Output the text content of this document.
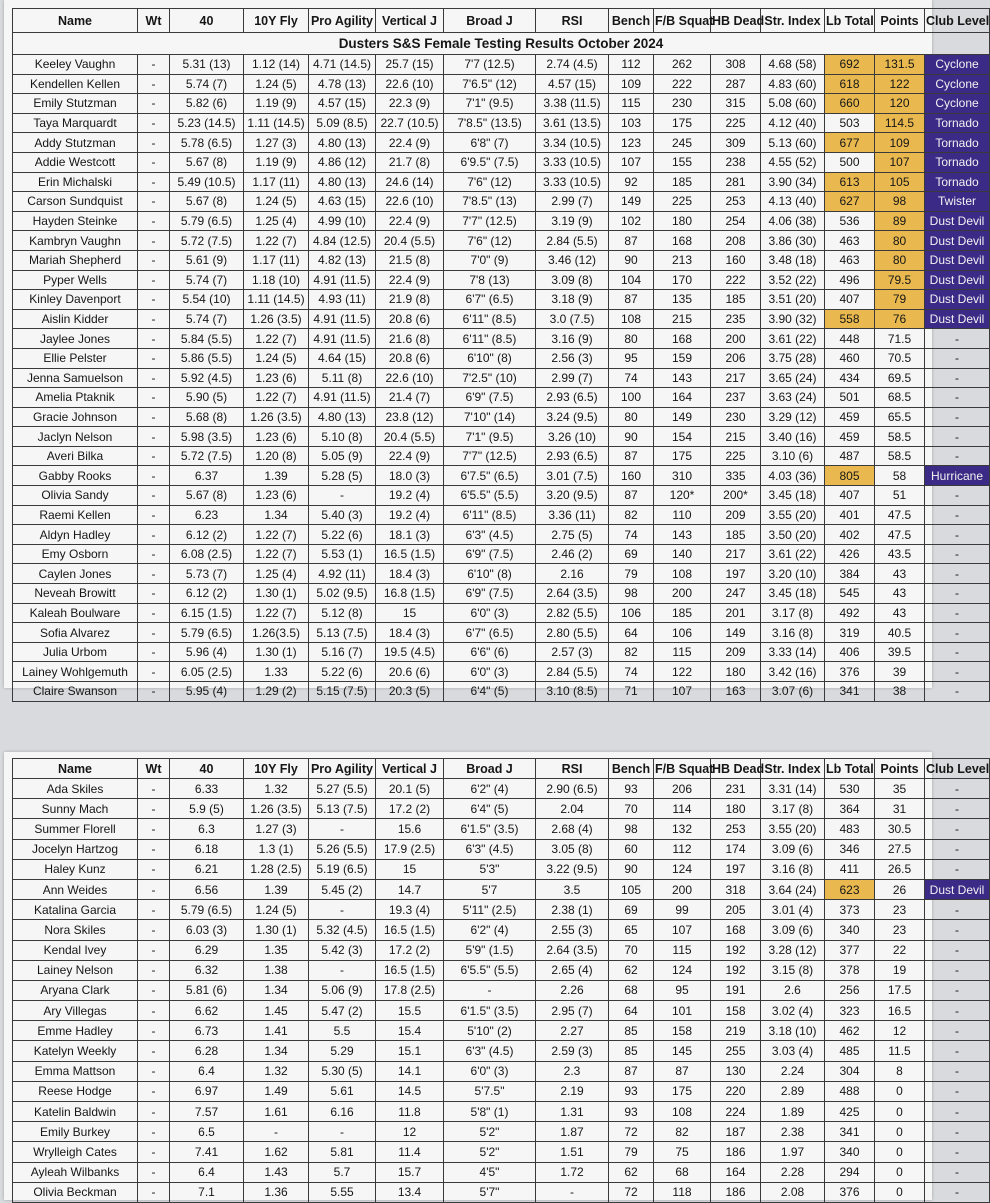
Name	Wt	40	10Y Fly	Pro Agility	Vertical J	Broad J	RSI	Bench	F/B Squat	HB Dead	Str. Index	Lb Total	Points	Club Level
Dusters S&S Female Testing Results October 2024														
Keeley Vaughn	-	5.31 (13)	1.12 (14)	4.71 (14.5)	25.7 (15)	7'7 (12.5)	2.74 (4.5)	112	262	308	4.68 (58)	692	131.5	Cyclone
Kendellen Kellen	-	5.74 (7)	1.24 (5)	4.78 (13)	22.6 (10)	7'6.5" (12)	4.57 (15)	109	222	287	4.83 (60)	618	122	Cyclone
Emily Stutzman	-	5.82 (6)	1.19 (9)	4.57 (15)	22.3 (9)	7'1" (9.5)	3.38 (11.5)	115	230	315	5.08 (60)	660	120	Cyclone
Taya Marquardt	-	5.23 (14.5)	1.11 (14.5)	5.09 (8.5)	22.7 (10.5)	7'8.5" (13.5)	3.61 (13.5)	103	175	225	4.12 (40)	503	114.5	Tornado
Addy Stutzman	-	5.78 (6.5)	1.27 (3)	4.80 (13)	22.4 (9)	6'8" (7)	3.34 (10.5)	123	245	309	5.13 (60)	677	109	Tornado
Addie Westcott	-	5.67 (8)	1.19 (9)	4.86 (12)	21.7 (8)	6'9.5" (7.5)	3.33 (10.5)	107	155	238	4.55 (52)	500	107	Tornado
Erin Michalski	-	5.49 (10.5)	1.17 (11)	4.80 (13)	24.6 (14)	7'6" (12)	3.33 (10.5)	92	185	281	3.90 (34)	613	105	Tornado
Carson Sundquist	-	5.67 (8)	1.24 (5)	4.63 (15)	22.6 (10)	7'8.5" (13)	2.99 (7)	149	225	253	4.13 (40)	627	98	Twister
Hayden Steinke	-	5.79 (6.5)	1.25 (4)	4.99 (10)	22.4 (9)	7'7" (12.5)	3.19 (9)	102	180	254	4.06 (38)	536	89	Dust Devil
Kambryn Vaughn	-	5.72 (7.5)	1.22 (7)	4.84 (12.5)	20.4 (5.5)	7'6" (12)	2.84 (5.5)	87	168	208	3.86 (30)	463	80	Dust Devil
Mariah Shepherd	-	5.61 (9)	1.17 (11)	4.82 (13)	21.5 (8)	7'0" (9)	3.46 (12)	90	213	160	3.48 (18)	463	80	Dust Devil
Pyper Wells	-	5.74 (7)	1.18 (10)	4.91 (11.5)	22.4 (9)	7'8 (13)	3.09 (8)	104	170	222	3.52 (22)	496	79.5	Dust Devil
Kinley Davenport	-	5.54 (10)	1.11 (14.5)	4.93 (11)	21.9 (8)	6'7" (6.5)	3.18 (9)	87	135	185	3.51 (20)	407	79	Dust Devil
Aislin Kidder	-	5.74 (7)	1.26 (3.5)	4.91 (11.5)	20.8 (6)	6'11" (8.5)	3.0 (7.5)	108	215	235	3.90 (32)	558	76	Dust Devil
Jaylee Jones	-	5.84 (5.5)	1.22 (7)	4.91 (11.5)	21.6 (8)	6'11" (8.5)	3.16 (9)	80	168	200	3.61 (22)	448	71.5	-
Ellie Pelster	-	5.86 (5.5)	1.24 (5)	4.64 (15)	20.8 (6)	6'10" (8)	2.56 (3)	95	159	206	3.75 (28)	460	70.5	-
Jenna Samuelson	-	5.92 (4.5)	1.23 (6)	5.11 (8)	22.6 (10)	7'2.5" (10)	2.99 (7)	74	143	217	3.65 (24)	434	69.5	-
Amelia Ptaknik	-	5.90 (5)	1.22 (7)	4.91 (11.5)	21.4 (7)	6'9" (7.5)	2.93 (6.5)	100	164	237	3.63 (24)	501	68.5	-
Gracie Johnson	-	5.68 (8)	1.26 (3.5)	4.80 (13)	23.8 (12)	7'10" (14)	3.24 (9.5)	80	149	230	3.29 (12)	459	65.5	-
Jaclyn Nelson	-	5.98 (3.5)	1.23 (6)	5.10 (8)	20.4 (5.5)	7'1" (9.5)	3.26 (10)	90	154	215	3.40 (16)	459	58.5	-
Averi Bilka	-	5.72 (7.5)	1.20 (8)	5.05 (9)	22.4 (9)	7'7" (12.5)	2.93 (6.5)	87	175	225	3.10 (6)	487	58.5	-
Gabby Rooks	-	6.37	1.39	5.28 (5)	18.0 (3)	6'7.5" (6.5)	3.01 (7.5)	160	310	335	4.03 (36)	805	58	Hurricane
Olivia Sandy	-	5.67 (8)	1.23 (6)	-	19.2 (4)	6'5.5" (5.5)	3.20 (9.5)	87	120*	200*	3.45 (18)	407	51	-
Raemi Kellen	-	6.23	1.34	5.40 (3)	19.2 (4)	6'11" (8.5)	3.36 (11)	82	110	209	3.55 (20)	401	47.5	-
Aldyn Hadley	-	6.12 (2)	1.22 (7)	5.22 (6)	18.1 (3)	6'3" (4.5)	2.75 (5)	74	143	185	3.50 (20)	402	47.5	-
Emy Osborn	-	6.08 (2.5)	1.22 (7)	5.53 (1)	16.5 (1.5)	6'9" (7.5)	2.46 (2)	69	140	217	3.61 (22)	426	43.5	-
Caylen Jones	-	5.73 (7)	1.25 (4)	4.92 (11)	18.4 (3)	6'10" (8)	2.16	79	108	197	3.20 (10)	384	43	-
Neveah Browitt	-	6.12 (2)	1.30 (1)	5.02 (9.5)	16.8 (1.5)	6'9" (7.5)	2.64 (3.5)	98	200	247	3.45 (18)	545	43	-
Kaleah Boulware	-	6.15 (1.5)	1.22 (7)	5.12 (8)	15	6'0" (3)	2.82 (5.5)	106	185	201	3.17 (8)	492	43	-
Sofia Alvarez	-	5.79 (6.5)	1.26(3.5)	5.13 (7.5)	18.4 (3)	6'7" (6.5)	2.80 (5.5)	64	106	149	3.16 (8)	319	40.5	-
Julia Urbom	-	5.96 (4)	1.30 (1)	5.16 (7)	19.5 (4.5)	6'6" (6)	2.57 (3)	82	115	209	3.33 (14)	406	39.5	-
Lainey Wohlgemuth	-	6.05 (2.5)	1.33	5.22 (6)	20.6 (6)	6'0" (3)	2.84 (5.5)	74	122	180	3.42 (16)	376	39	-
Claire Swanson	-	5.95 (4)	1.29 (2)	5.15 (7.5)	20.3 (5)	6'4" (5)	3.10 (8.5)	71	107	163	3.07 (6)	341	38	-
Name	Wt	40	10Y Fly	Pro Agility	Vertical J	Broad J	RSI	Bench	F/B Squat	HB Dead	Str. Index	Lb Total	Points	Club Level
Ada Skiles	-	6.33	1.32	5.27 (5.5)	20.1 (5)	6'2" (4)	2.90 (6.5)	93	206	231	3.31 (14)	530	35	-
Sunny Mach	-	5.9 (5)	1.26 (3.5)	5.13 (7.5)	17.2 (2)	6'4" (5)	2.04	70	114	180	3.17 (8)	364	31	-
Summer Florell	-	6.3	1.27 (3)	-	15.6	6'1.5" (3.5)	2.68 (4)	98	132	253	3.55 (20)	483	30.5	-
Jocelyn Hartzog	-	6.18	1.3 (1)	5.26 (5.5)	17.9 (2.5)	6'3" (4.5)	3.05 (8)	60	112	174	3.09 (6)	346	27.5	-
Haley Kunz	-	6.21	1.28 (2.5)	5.19 (6.5)	15	5'3"	3.22 (9.5)	90	124	197	3.16 (8)	411	26.5	-
Ann Weides	-	6.56	1.39	5.45 (2)	14.7	5'7	3.5	105	200	318	3.64 (24)	623	26	Dust Devil
Katalina Garcia	-	5.79 (6.5)	1.24 (5)	-	19.3 (4)	5'11" (2.5)	2.38 (1)	69	99	205	3.01 (4)	373	23	-
Nora Skiles	-	6.03 (3)	1.30 (1)	5.32 (4.5)	16.5 (1.5)	6'2" (4)	2.55 (3)	65	107	168	3.09 (6)	340	23	-
Kendal Ivey	-	6.29	1.35	5.42 (3)	17.2 (2)	5'9" (1.5)	2.64 (3.5)	70	115	192	3.28 (12)	377	22	-
Lainey Nelson	-	6.32	1.38	-	16.5 (1.5)	6'5.5" (5.5)	2.65 (4)	62	124	192	3.15 (8)	378	19	-
Aryana Clark	-	5.81 (6)	1.34	5.06 (9)	17.8 (2.5)	-	2.26	68	95	191	2.6	256	17.5	-
Ary Villegas	-	6.62	1.45	5.47 (2)	15.5	6'1.5" (3.5)	2.95 (7)	64	101	158	3.02 (4)	323	16.5	-
Emme Hadley	-	6.73	1.41	5.5	15.4	5'10" (2)	2.27	85	158	219	3.18 (10)	462	12	-
Katelyn Weekly	-	6.28	1.34	5.29	15.1	6'3" (4.5)	2.59 (3)	85	145	255	3.03 (4)	485	11.5	-
Emma Mattson	-	6.4	1.32	5.30 (5)	14.1	6'0" (3)	2.3	87	87	130	2.24	304	8	-
Reese Hodge	-	6.97	1.49	5.61	14.5	5'7.5"	2.19	93	175	220	2.89	488	0	-
Katelin Baldwin	-	7.57	1.61	6.16	11.8	5'8" (1)	1.31	93	108	224	1.89	425	0	-
Emily Burkey	-	6.5	-	-	12	5'2"	1.87	72	82	187	2.38	341	0	-
Wrylleigh Cates	-	7.41	1.62	5.81	11.4	5'2"	1.51	79	75	186	1.97	340	0	-
Ayleah Wilbanks	-	6.4	1.43	5.7	15.7	4'5"	1.72	62	68	164	2.28	294	0	-
Olivia Beckman	-	7.1	1.36	5.55	13.4	5'7"	-	72	118	186	2.08	376	0	-
